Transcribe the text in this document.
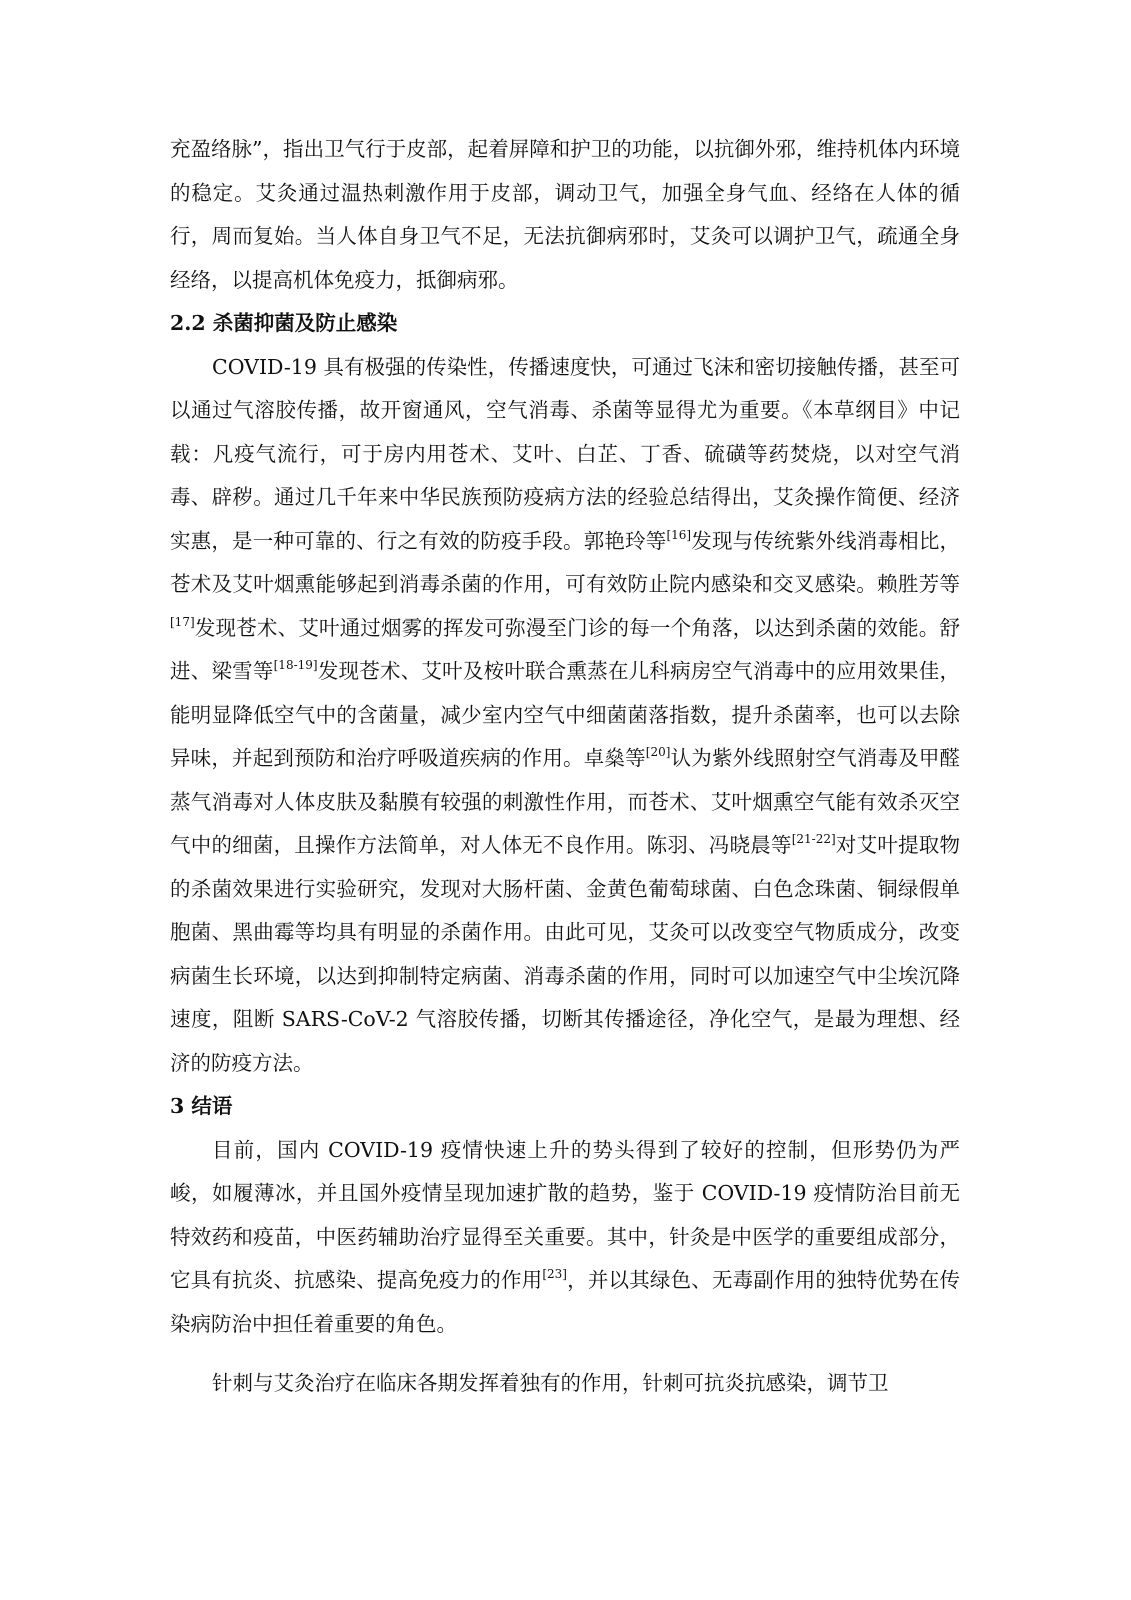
充盈络脉”，指出卫气行于皮部，起着屏障和护卫的功能，以抗御外邪，维持机体内环境的稳定。艾灸通过温热刺激作用于皮部，调动卫气，加强全身气血、经络在人体的循行，周而复始。当人体自身卫气不足，无法抗御病邪时，艾灸可以调护卫气，疏通全身经络，以提高机体免疫力，抵御病邪。

2.2 杀菌抑菌及防止感染

COVID-19 具有极强的传染性，传播速度快，可通过飞沫和密切接触传播，甚至可以通过气溶胶传播，故开窗通风，空气消毒、杀菌等显得尤为重要。《本草纲目》中记载：凡疫气流行，可于房内用苍术、艾叶、白芷、丁香、硫磺等药焚烧，以对空气消毒、辟秽。通过几千年来中华民族预防疫病方法的经验总结得出，艾灸操作简便、经济实惠，是一种可靠的、行之有效的防疫手段。郭艳玲等[16]发现与传统紫外线消毒相比，苍术及艾叶烟熏能够起到消毒杀菌的作用，可有效防止院内感染和交叉感染。赖胜芳等[17]发现苍术、艾叶通过烟雾的挥发可弥漫至门诊的每一个角落，以达到杀菌的效能。舒进、梁雪等[18-19]发现苍术、艾叶及桉叶联合熏蒸在儿科病房空气消毒中的应用效果佳，能明显降低空气中的含菌量，减少室内空气中细菌菌落指数，提升杀菌率，也可以去除异味，并起到预防和治疗呼吸道疾病的作用。卓燊等[20]认为紫外线照射空气消毒及甲醛蒸气消毒对人体皮肤及黏膜有较强的刺激性作用，而苍术、艾叶烟熏空气能有效杀灭空气中的细菌，且操作方法简单，对人体无不良作用。陈羽、冯晓晨等[21-22]对艾叶提取物的杀菌效果进行实验研究，发现对大肠杆菌、金黄色葡萄球菌、白色念珠菌、铜绿假单胞菌、黑曲霉等均具有明显的杀菌作用。由此可见，艾灸可以改变空气物质成分，改变病菌生长环境，以达到抑制特定病菌、消毒杀菌的作用，同时可以加速空气中尘埃沉降速度，阻断 SARS-CoV-2 气溶胶传播，切断其传播途径，净化空气，是最为理想、经济的防疫方法。

3 结语

目前，国内 COVID-19 疫情快速上升的势头得到了较好的控制，但形势仍为严峻，如履薄冰，并且国外疫情呈现加速扩散的趋势，鉴于 COVID-19 疫情防治目前无特效药和疫苗，中医药辅助治疗显得至关重要。其中，针灸是中医学的重要组成部分，它具有抗炎、抗感染、提高免疫力的作用[23]，并以其绿色、无毒副作用的独特优势在传染病防治中担任着重要的角色。

针刺与艾灸治疗在临床各期发挥着独有的作用，针刺可抗炎抗感染，调节卫
